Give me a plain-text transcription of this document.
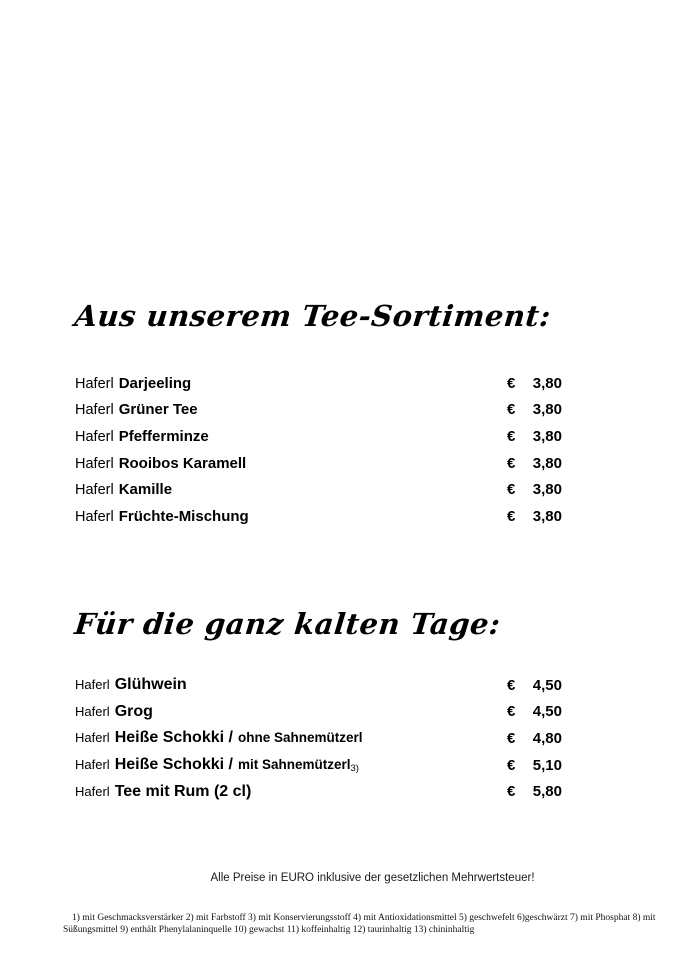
Aus unserem Tee-Sortiment:
Haferl Darjeeling	€ 3,80
Haferl Grüner Tee	€ 3,80
Haferl Pfefferminze	€ 3,80
Haferl Rooibos Karamell	€ 3,80
Haferl Kamille	€ 3,80
Haferl Früchte-Mischung	€ 3,80
Für die ganz kalten Tage:
Haferl Glühwein	€ 4,50
Haferl Grog	€ 4,50
Haferl Heiße Schokki / ohne Sahnemützerl	€ 4,80
Haferl Heiße Schokki / mit Sahnemützerl 3)	€ 5,10
Haferl Tee mit Rum (2 cl)	€ 5,80
Alle Preise in EURO inklusive der gesetzlichen Mehrwertsteuer!
1) mit Geschmacksverstärker 2) mit Farbstoff 3) mit Konservierungsstoff 4) mit Antioxidationsmittel 5) geschwefelt 6)geschwärzt 7) mit Phosphat 8) mit
Süßungsmittel 9) enthält Phenylalaninquelle 10) gewachst 11) koffeinhaltig 12) taurinhaltig 13) chininhaltig
